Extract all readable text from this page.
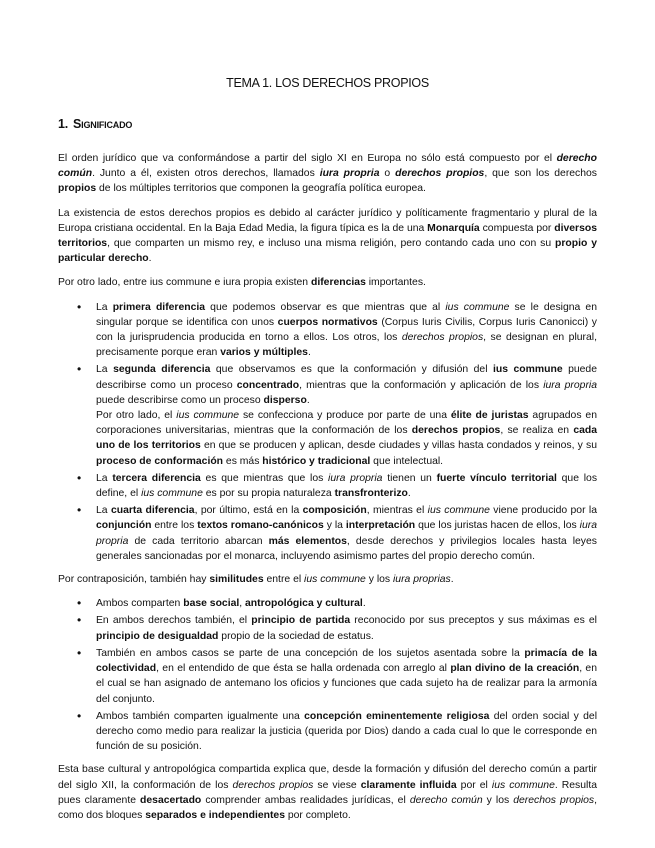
TEMA 1. LOS DERECHOS PROPIOS
1. Significado

El orden jurídico que va conformándose a partir del siglo XI en Europa no sólo está compuesto por el derecho común. Junto a él, existen otros derechos, llamados iura propria o derechos propios, que son los derechos propios de los múltiples territorios que componen la geografía política europea.

La existencia de estos derechos propios es debido al carácter jurídico y políticamente fragmentario y plural de la Europa cristiana occidental. En la Baja Edad Media, la figura típica es la de una Monarquía compuesta por diversos territorios, que comparten un mismo rey, e incluso una misma religión, pero contando cada uno con su propio y particular derecho.

Por otro lado, entre ius commune e iura propia existen diferencias importantes.

• La primera diferencia que podemos observar es que mientras que al ius commune se le designa en singular porque se identifica con unos cuerpos normativos (Corpus Iuris Civilis, Corpus Iuris Canonicci) y con la jurisprudencia producida en torno a ellos. Los otros, los derechos propios, se designan en plural, precisamente porque eran varios y múltiples.
• La segunda diferencia que observamos es que la conformación y difusión del ius commune puede describirse como un proceso concentrado, mientras que la conformación y aplicación de los iura propria puede describirse como un proceso disperso.
Por otro lado, el ius commune se confecciona y produce por parte de una élite de juristas agrupados en corporaciones universitarias, mientras que la conformación de los derechos propios, se realiza en cada uno de los territorios en que se producen y aplican, desde ciudades y villas hasta condados y reinos, y su proceso de conformación es más histórico y tradicional que intelectual.
• La tercera diferencia es que mientras que los iura propria tienen un fuerte vínculo territorial que los define, el ius commune es por su propia naturaleza transfronterizo.
• La cuarta diferencia, por último, está en la composición, mientras el ius commune viene producido por la conjunción entre los textos romano-canónicos y la interpretación que los juristas hacen de ellos, los iura propria de cada territorio abarcan más elementos, desde derechos y privilegios locales hasta leyes generales sancionadas por el monarca, incluyendo asimismo partes del propio derecho común.

Por contraposición, también hay similitudes entre el ius commune y los iura proprias.

• Ambos comparten base social, antropológica y cultural.
• En ambos derechos también, el principio de partida reconocido por sus preceptos y sus máximas es el principio de desigualdad propio de la sociedad de estatus.
• También en ambos casos se parte de una concepción de los sujetos asentada sobre la primacía de la colectividad, en el entendido de que ésta se halla ordenada con arreglo al plan divino de la creación, en el cual se han asignado de antemano los oficios y funciones que cada sujeto ha de realizar para la armonía del conjunto.
• Ambos también comparten igualmente una concepción eminentemente religiosa del orden social y del derecho como medio para realizar la justicia (querida por Dios) dando a cada cual lo que le corresponde en función de su posición.

Esta base cultural y antropológica compartida explica que, desde la formación y difusión del derecho común a partir del siglo XII, la conformación de los derechos propios se viese claramente influida por el ius commune. Resulta pues claramente desacertado comprender ambas realidades jurídicas, el derecho común y los derechos propios, como dos bloques separados e independientes por completo.
